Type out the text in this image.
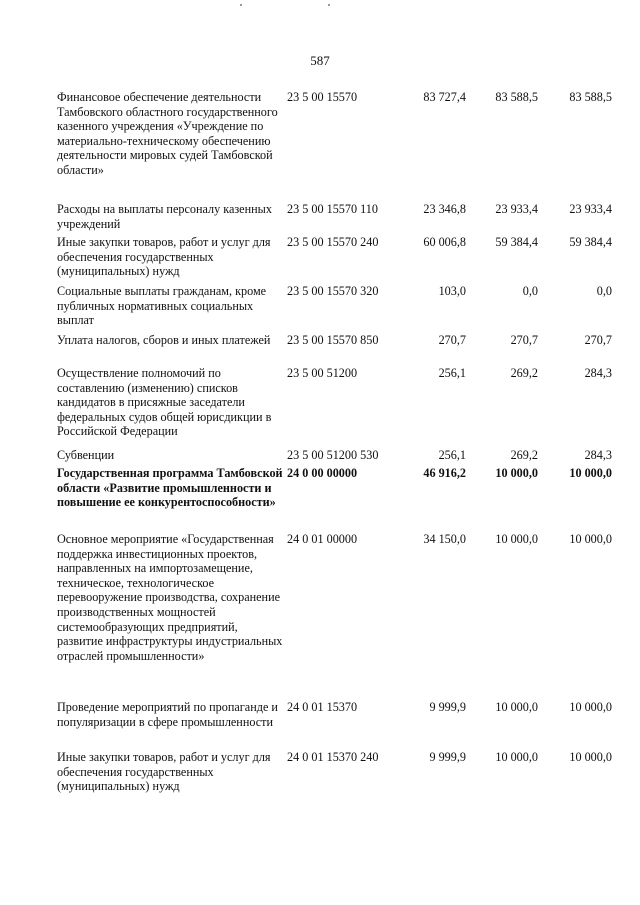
587
Финансовое обеспечение деятельности Тамбовского областного государственного казенного учреждения «Учреждение по материально-техническому обеспечению деятельности мировых судей Тамбовской области»
23 5 00 15570	83 727,4	83 588,5	83 588,5
Расходы на выплаты персоналу казенных учреждений
23 5 00 15570 110	23 346,8	23 933,4	23 933,4
Иные закупки товаров, работ и услуг для обеспечения государственных (муниципальных) нужд
23 5 00 15570 240	60 006,8	59 384,4	59 384,4
Социальные выплаты гражданам, кроме публичных нормативных социальных выплат
23 5 00 15570 320	103,0	0,0	0,0
Уплата налогов, сборов и иных платежей	23 5 00 15570 850	270,7	270,7	270,7
Осуществление полномочий по составлению (изменению) списков кандидатов в присяжные заседатели федеральных судов общей юрисдикции в Российской Федерации
23 5 00 51200	256,1	269,2	284,3
Субвенции	23 5 00 51200 530	256,1	269,2	284,3
Государственная программа Тамбовской области «Развитие промышленности и повышение ее конкурентоспособности»
24 0 00 00000	46 916,2	10 000,0	10 000,0
Основное мероприятие «Государственная поддержка инвестиционных проектов, направленных на импортозамещение, техническое, технологическое перевооружение производства, сохранение производственных мощностей системообразующих предприятий, развитие инфраструктуры индустриальных отраслей промышленности»
24 0 01 00000	34 150,0	10 000,0	10 000,0
Проведение мероприятий по пропаганде и популяризации в сфере промышленности
24 0 01 15370	9 999,9	10 000,0	10 000,0
Иные закупки товаров, работ и услуг для обеспечения государственных (муниципальных) нужд
24 0 01 15370 240	9 999,9	10 000,0	10 000,0
